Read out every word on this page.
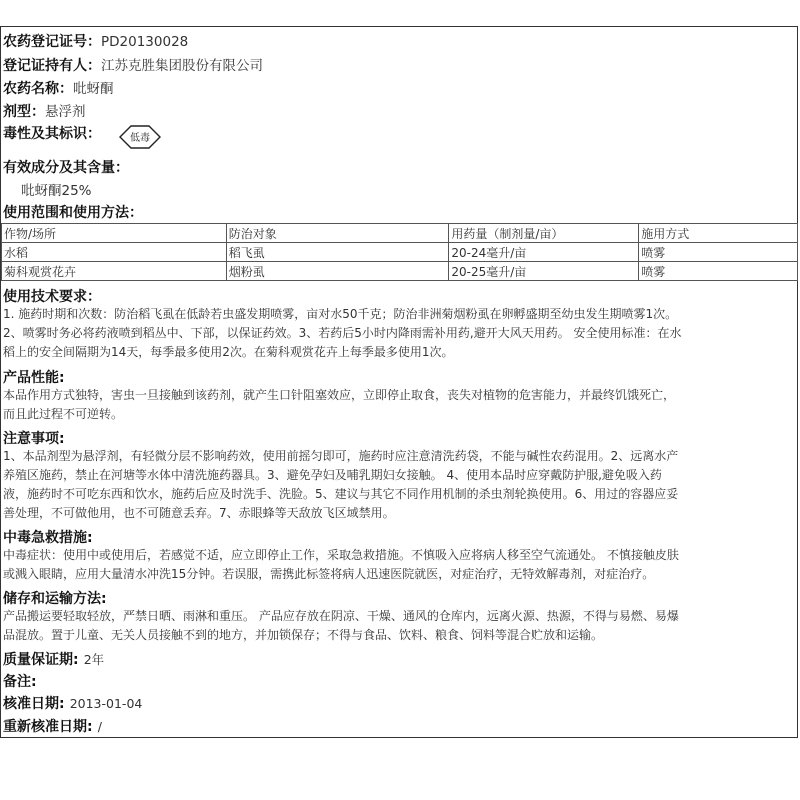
农药登记证号：PD20130028
登记证持有人：江苏克胜集团股份有限公司
农药名称：吡蚜酮
剂型：悬浮剂
毒性及其标识：	低毒
有效成分及其含量：
吡蚜酮25%
使用范围和使用方法：
作物/场所	防治对象	用药量（制剂量/亩）	施用方式
水稻	稻飞虱	20-24毫升/亩	喷雾
菊科观赏花卉	烟粉虱	20-25毫升/亩	喷雾
使用技术要求：
1. 施药时期和次数：防治稻飞虱在低龄若虫盛发期喷雾，亩对水50千克；防治非洲菊烟粉虱在卵孵盛期至幼虫发生期喷雾1次。
2、喷雾时务必将药液喷到稻丛中、下部，以保证药效。3、若药后5小时内降雨需补用药,避开大风天用药。 安全使用标准：在水
稻上的安全间隔期为14天，每季最多使用2次。在菊科观赏花卉上每季最多使用1次。
产品性能:
本品作用方式独特，害虫一旦接触到该药剂，就产生口针阻塞效应，立即停止取食，丧失对植物的危害能力，并最终饥饿死亡，
而且此过程不可逆转。
注意事项:
1、本品剂型为悬浮剂，有轻微分层不影响药效，使用前摇匀即可，施药时应注意清洗药袋，不能与碱性农药混用。2、远离水产
养殖区施药，禁止在河塘等水体中清洗施药器具。3、避免孕妇及哺乳期妇女接触。 4、使用本品时应穿戴防护服,避免吸入药
液，施药时不可吃东西和饮水，施药后应及时洗手、洗脸。5、建议与其它不同作用机制的杀虫剂轮换使用。6、用过的容器应妥
善处理，不可做他用，也不可随意丢弃。7、赤眼蜂等天敌放飞区域禁用。
中毒急救措施:
中毒症状：使用中或使用后，若感觉不适，应立即停止工作，采取急救措施。不慎吸入应将病人移至空气流通处。 不慎接触皮肤
或溅入眼睛，应用大量清水冲洗15分钟。若误服，需携此标签将病人迅速医院就医，对症治疗，无特效解毒剂，对症治疗。
储存和运输方法:
产品搬运要轻取轻放，严禁日晒、雨淋和重压。 产品应存放在阴凉、干燥、通风的仓库内，远离火源、热源，不得与易燃、易爆
品混放。置于儿童、无关人员接触不到的地方，并加锁保存；不得与食品、饮料、粮食、饲料等混合贮放和运输。
质量保证期: 2年
备注:
核准日期: 2013-01-04
重新核准日期: /
